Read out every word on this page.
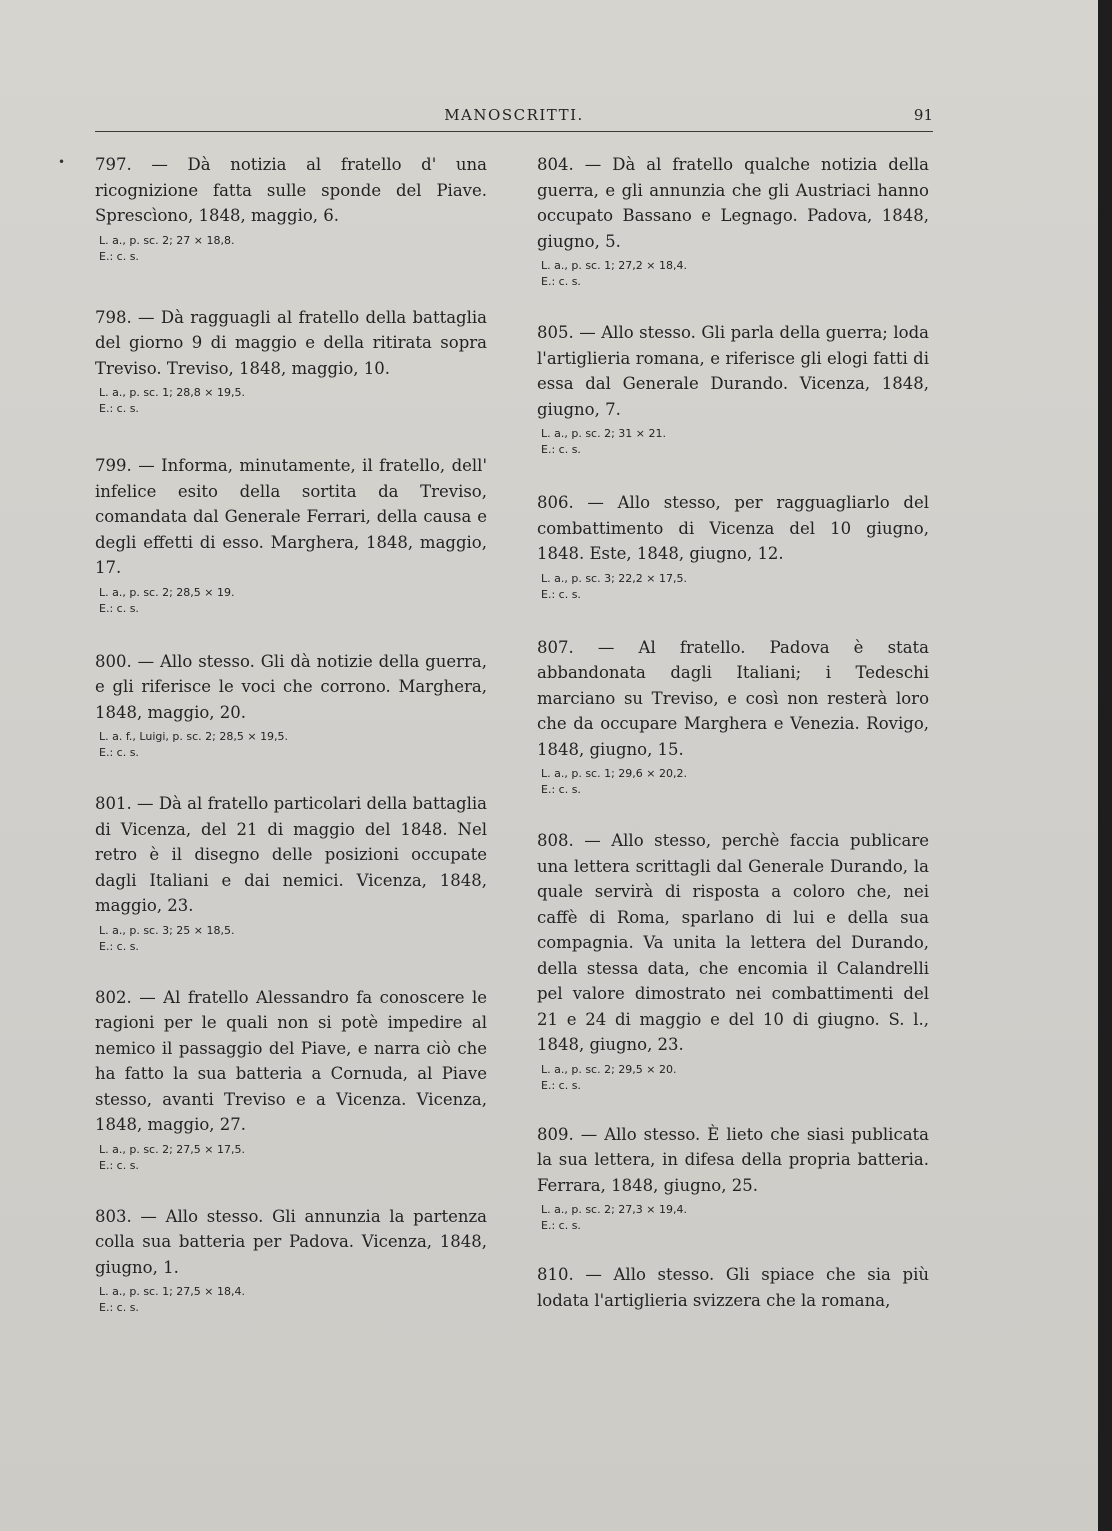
•
MANOSCRITTI.	91

797. — Dà notizia al fratello d' una ricognizione fatta sulle sponde del Piave. Sprescìono, 1848, maggio, 6.

L. a., p. sc. 2; 27 × 18,8.
E.: c. s.

798. — Dà ragguagli al fratello della battaglia del giorno 9 di maggio e della ritirata sopra Treviso. Treviso, 1848, maggio, 10.

L. a., p. sc. 1; 28,8 × 19,5.
E.: c. s.

799. — Informa, minutamente, il fratello, dell' infelice esito della sortita da Treviso, comandata dal Generale Ferrari, della causa e degli effetti di esso. Marghera, 1848, maggio, 17.

L. a., p. sc. 2; 28,5 × 19.
E.: c. s.

800. — Allo stesso. Gli dà notizie della guerra, e gli riferisce le voci che corrono. Marghera, 1848, maggio, 20.

L. a. f., Luigi, p. sc. 2; 28,5 × 19,5.
E.: c. s.

801. — Dà al fratello particolari della battaglia di Vicenza, del 21 di maggio del 1848. Nel retro è il disegno delle posizioni occupate dagli Italiani e dai nemici. Vicenza, 1848, maggio, 23.

L. a., p. sc. 3; 25 × 18,5.
E.: c. s.

802. — Al fratello Alessandro fa conoscere le ragioni per le quali non si potè impedire al nemico il passaggio del Piave, e narra ciò che ha fatto la sua batteria a Cornuda, al Piave stesso, avanti Treviso e a Vicenza. Vicenza, 1848, maggio, 27.

L. a., p. sc. 2; 27,5 × 17,5.
E.: c. s.

803. — Allo stesso. Gli annunzia la partenza colla sua batteria per Padova. Vicenza, 1848, giugno, 1.

L. a., p. sc. 1; 27,5 × 18,4.
E.: c. s.

804. — Dà al fratello qualche notizia della guerra, e gli annunzia che gli Austriaci hanno occupato Bassano e Legnago. Padova, 1848, giugno, 5.

L. a., p. sc. 1; 27,2 × 18,4.
E.: c. s.

805. — Allo stesso. Gli parla della guerra; loda l'artiglieria romana, e riferisce gli elogi fatti di essa dal Generale Durando. Vicenza, 1848, giugno, 7.

L. a., p. sc. 2; 31 × 21.
E.: c. s.

806. — Allo stesso, per ragguagliarlo del combattimento di Vicenza del 10 giugno, 1848. Este, 1848, giugno, 12.

L. a., p. sc. 3; 22,2 × 17,5.
E.: c. s.

807. — Al fratello. Padova è stata abbandonata dagli Italiani; i Tedeschi marciano su Treviso, e così non resterà loro che da occupare Marghera e Venezia. Rovigo, 1848, giugno, 15.

L. a., p. sc. 1; 29,6 × 20,2.
E.: c. s.

808. — Allo stesso, perchè faccia publicare una lettera scrittagli dal Generale Durando, la quale servirà di risposta a coloro che, nei caffè di Roma, sparlano di lui e della sua compagnia. Va unita la lettera del Durando, della stessa data, che encomia il Calandrelli pel valore dimostrato nei combattimenti del 21 e 24 di maggio e del 10 di giugno. S. l., 1848, giugno, 23.

L. a., p. sc. 2; 29,5 × 20.
E.: c. s.

809. — Allo stesso. È lieto che siasi publicata la sua lettera, in difesa della propria batteria. Ferrara, 1848, giugno, 25.

L. a., p. sc. 2; 27,3 × 19,4.
E.: c. s.

810. — Allo stesso. Gli spiace che sia più lodata l'artiglieria svizzera che la romana,
